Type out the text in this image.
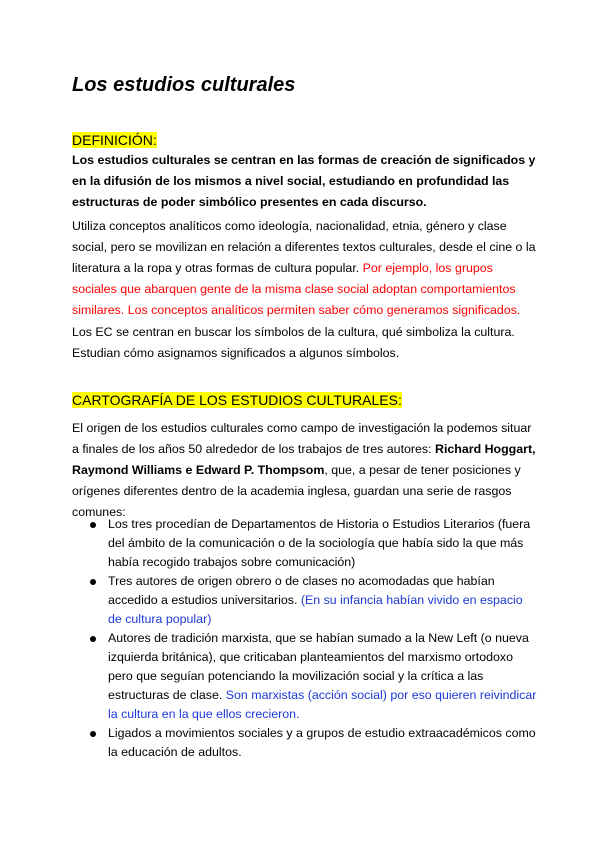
Los estudios culturales
DEFINICIÓN:
Los estudios culturales se centran en las formas de creación de significados y
en la difusión de los mismos a nivel social, estudiando en profundidad las
estructuras de poder simbólico presentes en cada discurso.
Utiliza conceptos analíticos como ideología, nacionalidad, etnia, género y clase
social, pero se movilizan en relación a diferentes textos culturales, desde el cine o la
literatura a la ropa y otras formas de cultura popular. Por ejemplo, los grupos
sociales que abarquen gente de la misma clase social adoptan comportamientos
similares. Los conceptos analíticos permiten saber cómo generamos significados.
Los EC se centran en buscar los símbolos de la cultura, qué simboliza la cultura.
Estudian cómo asignamos significados a algunos símbolos.
CARTOGRAFÍA DE LOS ESTUDIOS CULTURALES:
El origen de los estudios culturales como campo de investigación la podemos situar
a finales de los años 50 alrededor de los trabajos de tres autores: Richard Hoggart,
Raymond Williams e Edward P. Thompsom, que, a pesar de tener posiciones y
orígenes diferentes dentro de la academia inglesa, guardan una serie de rasgos
comunes:
Los tres procedían de Departamentos de Historia o Estudios Literarios (fuera
del ámbito de la comunicación o de la sociología que había sido la que más
había recogido trabajos sobre comunicación)
Tres autores de origen obrero o de clases no acomodadas que habían
accedido a estudios universitarios. (En su infancia habían vivido en espacio
de cultura popular)
Autores de tradición marxista, que se habían sumado a la New Left (o nueva
izquierda británica), que criticaban planteamientos del marxismo ortodoxo
pero que seguían potenciando la movilización social y la crítica a las
estructuras de clase. Son marxistas (acción social) por eso quieren reivindicar
la cultura en la que ellos crecieron.
Ligados a movimientos sociales y a grupos de estudio extraacadémicos como
la educación de adultos.
